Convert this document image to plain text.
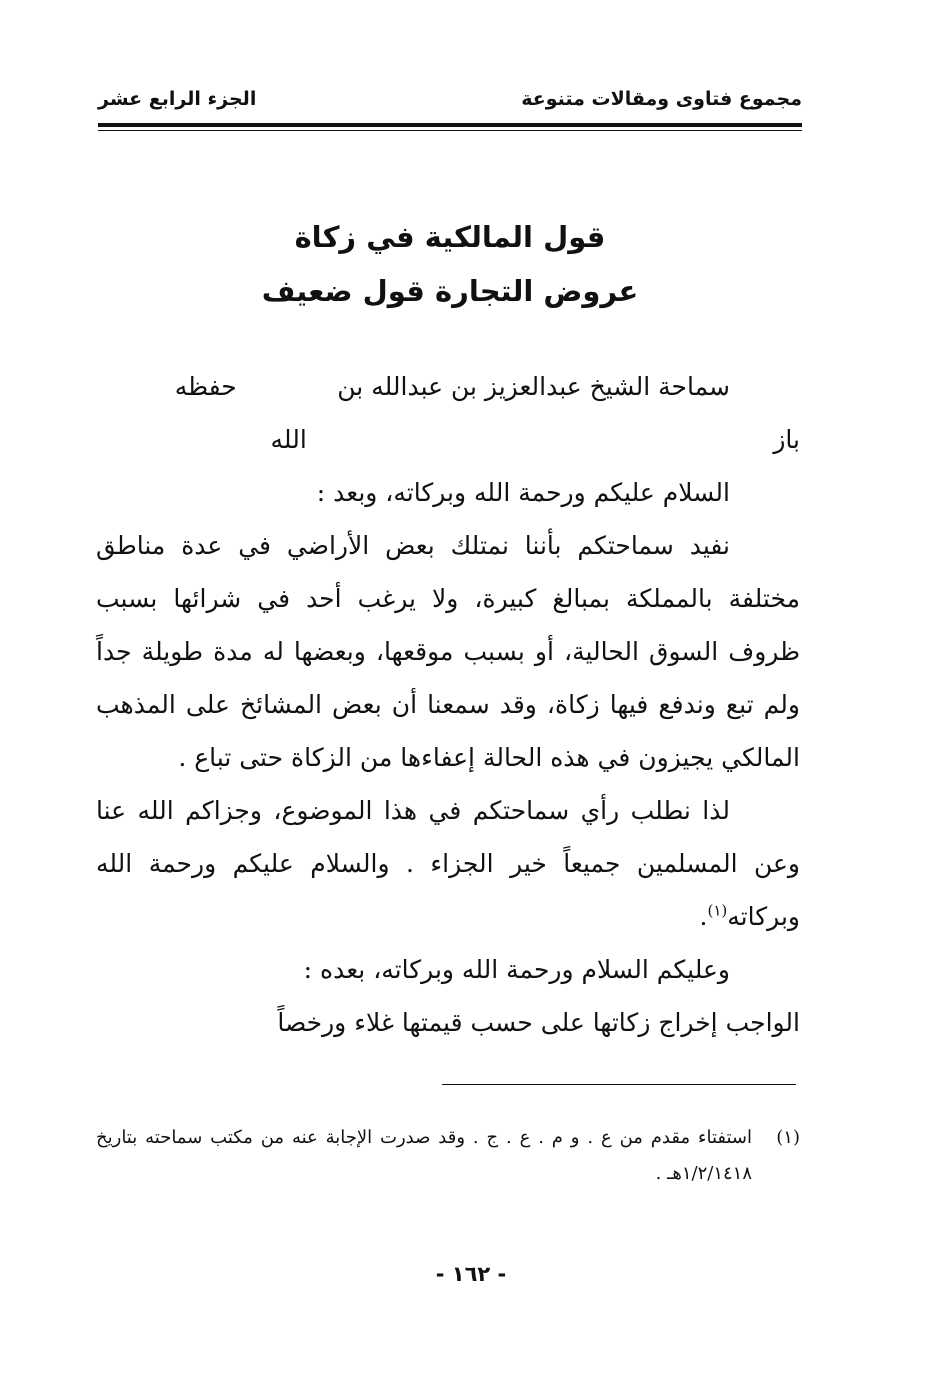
مجموع فتاوى ومقالات متنوعة
الجزء الرابع عشر
قول المالكية في زكاة
عروض التجارة قول ضعيف

سماحة الشيخ عبدالعزيز بن عبدالله بن باز
حفظه الله

السلام عليكم ورحمة الله وبركاته، وبعد :

نفيد سماحتكم بأننا نمتلك بعض الأراضي في عدة مناطق مختلفة بالمملكة بمبالغ كبيرة، ولا يرغب أحد في شرائها بسبب ظروف السوق الحالية، أو بسبب موقعها، وبعضها له مدة طويلة جداً ولم تبع وندفع فيها زكاة، وقد سمعنا أن بعض المشائخ على المذهب المالكي يجيزون في هذه الحالة إعفاءها من الزكاة حتى تباع .

لذا نطلب رأي سماحتكم في هذا الموضوع، وجزاكم الله عنا وعن المسلمين جميعاً خير الجزاء . والسلام عليكم ورحمة الله وبركاته$^{(١)}$.

وعليكم السلام ورحمة الله وبركاته، بعده :

الواجب إخراج زكاتها على حسب قيمتها غلاء ورخصاً

(١)
استفتاء مقدم من ع . و م . ع . ج . وقد صدرت الإجابة عنه من مكتب سماحته بتاريخ ١/٢/١٤١٨هـ .
- ١٦٢ -
